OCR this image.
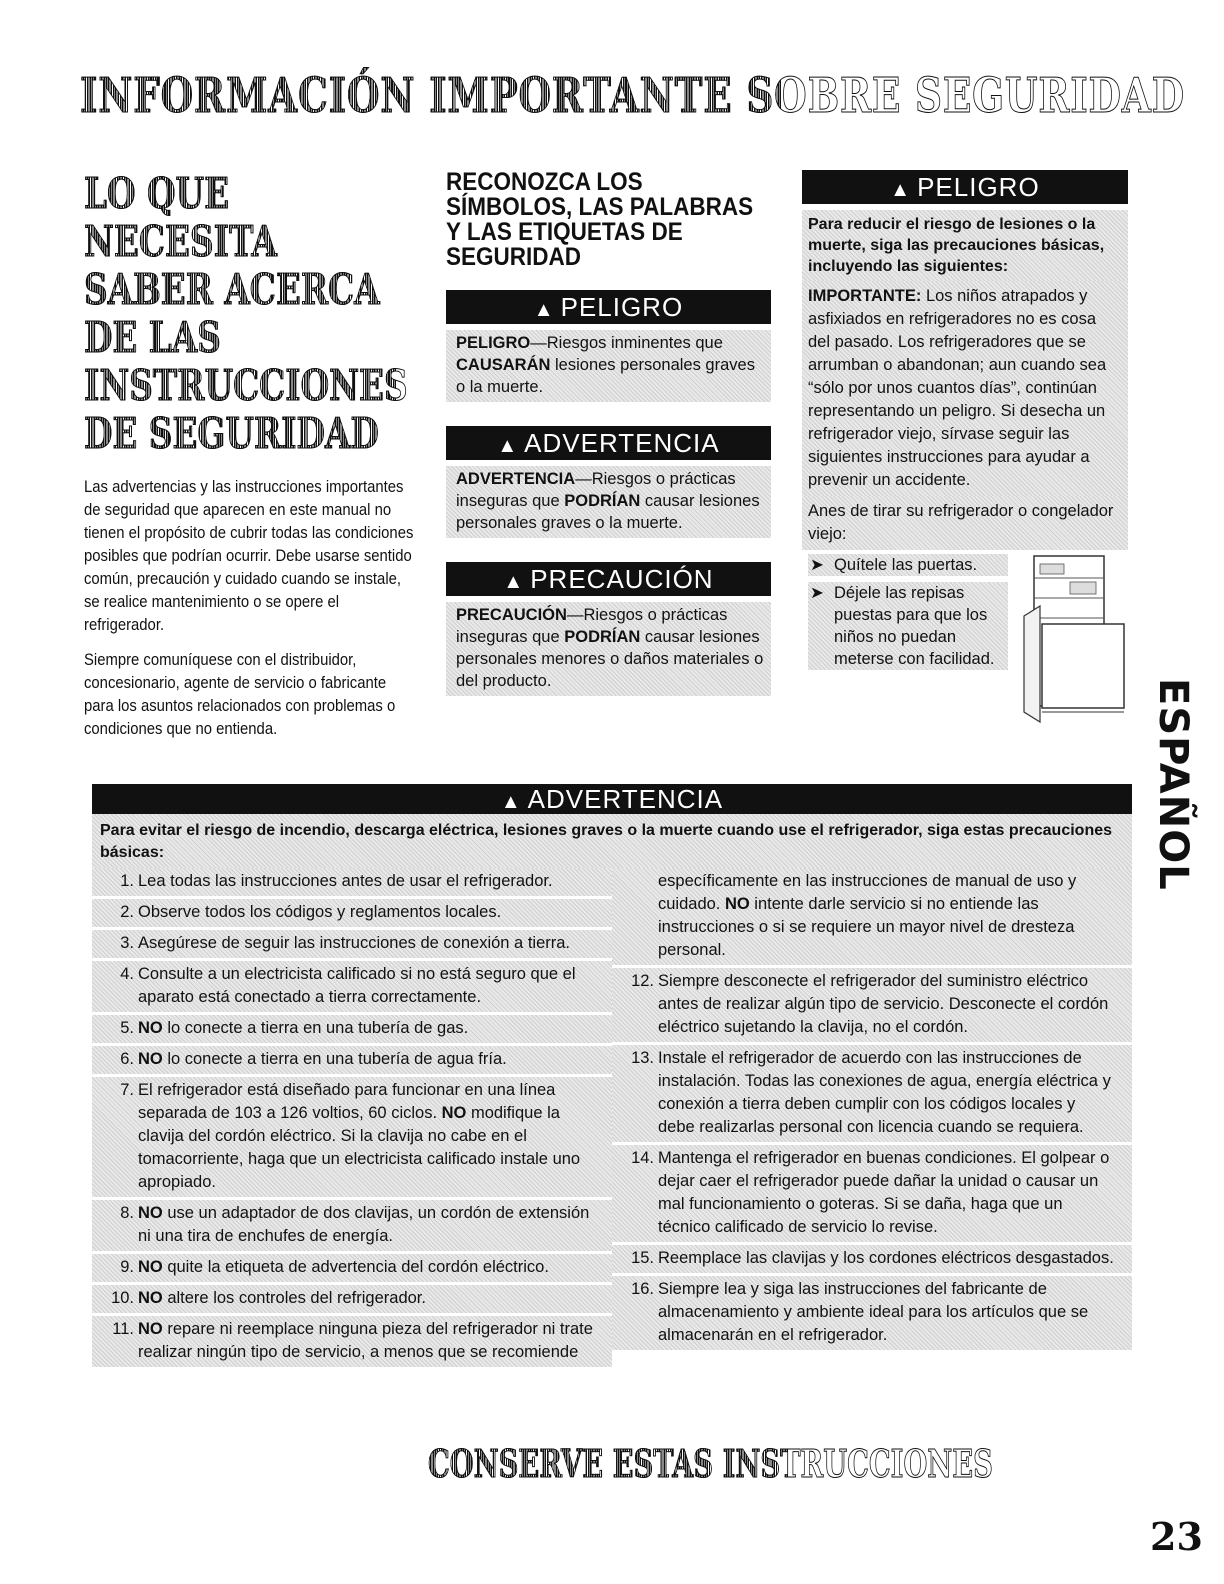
INFORMACIÓN IMPORTANTE SOBRE SEGURIDAD
LO QUE NECESITA SABER ACERCA DE LAS INSTRUCCIONES DE SEGURIDAD

Las advertencias y las instrucciones importantes de seguridad que aparecen en este manual no tienen el propósito de cubrir todas las condiciones posibles que podrían ocurrir. Debe usarse sentido común, precaución y cuidado cuando se instale, se realice mantenimiento o se opere el refrigerador.

Siempre comuníquese con el distribuidor, concesionario, agente de servicio o fabricante para los asuntos relacionados con problemas o condiciones que no entienda.

RECONOZCA LOS SÍMBOLOS, LAS PALABRAS Y LAS ETIQUETAS DE SEGURIDAD
▲ PELIGRO
PELIGRO—Riesgos inminentes que CAUSARÁN lesiones personales graves o la muerte.
▲ ADVERTENCIA
ADVERTENCIA—Riesgos o prácticas inseguras que PODRÍAN causar lesiones personales graves o la muerte.
▲ PRECAUCIÓN
PRECAUCIÓN—Riesgos o prácticas inseguras que PODRÍAN causar lesiones personales menores o daños materiales o del producto.
▲ PELIGRO
Para reducir el riesgo de lesiones o la muerte, siga las precauciones básicas, incluyendo las siguientes:
IMPORTANTE: Los niños atrapados y asfixiados en refrigeradores no es cosa del pasado. Los refrigeradores que se arrumban o abandonan; aun cuando sea “sólo por unos cuantos días”, continúan representando un peligro. Si desecha un refrigerador viejo, sírvase seguir las siguientes instrucciones para ayudar a prevenir un accidente.
Anes de tirar su refrigerador o congelador viejo:
➤ Quítele las puertas.
➤ Déjele las repisas puestas para que los niños no puedan meterse con facilidad.
ESPAÑOL
▲ ADVERTENCIA
Para evitar el riesgo de incendio, descarga eléctrica, lesiones graves o la muerte cuando use el refrigerador, siga estas precauciones básicas:
1. Lea todas las instrucciones antes de usar el refrigerador.
2. Observe todos los códigos y reglamentos locales.
3. Asegúrese de seguir las instrucciones de conexión a tierra.
4. Consulte a un electricista calificado si no está seguro que el aparato está conectado a tierra correctamente.
5. NO lo conecte a tierra en una tubería de gas.
6. NO lo conecte a tierra en una tubería de agua fría.
7. El refrigerador está diseñado para funcionar en una línea separada de 103 a 126 voltios, 60 ciclos. NO modifique la clavija del cordón eléctrico. Si la clavija no cabe en el tomacorriente, haga que un electricista calificado instale uno apropiado.
8. NO use un adaptador de dos clavijas, un cordón de extensión ni una tira de enchufes de energía.
9. NO quite la etiqueta de advertencia del cordón eléctrico.
10. NO altere los controles del refrigerador.
11. NO repare ni reemplace ninguna pieza del refrigerador ni trate realizar ningún tipo de servicio, a menos que se recomiende
específicamente en las instrucciones de manual de uso y cuidado. NO intente darle servicio si no entiende las instrucciones o si se requiere un mayor nivel de dresteza personal.
12. Siempre desconecte el refrigerador del suministro eléctrico antes de realizar algún tipo de servicio. Desconecte el cordón eléctrico sujetando la clavija, no el cordón.
13. Instale el refrigerador de acuerdo con las instrucciones de instalación. Todas las conexiones de agua, energía eléctrica y conexión a tierra deben cumplir con los códigos locales y debe realizarlas personal con licencia cuando se requiera.
14. Mantenga el refrigerador en buenas condiciones. El golpear o dejar caer el refrigerador puede dañar la unidad o causar un mal funcionamiento o goteras. Si se daña, haga que un técnico calificado de servicio lo revise.
15. Reemplace las clavijas y los cordones eléctricos desgastados.
16. Siempre lea y siga las instrucciones del fabricante de almacenamiento y ambiente ideal para los artículos que se almacenarán en el refrigerador.
CONSERVE ESTAS INSTRUCCIONES
23
